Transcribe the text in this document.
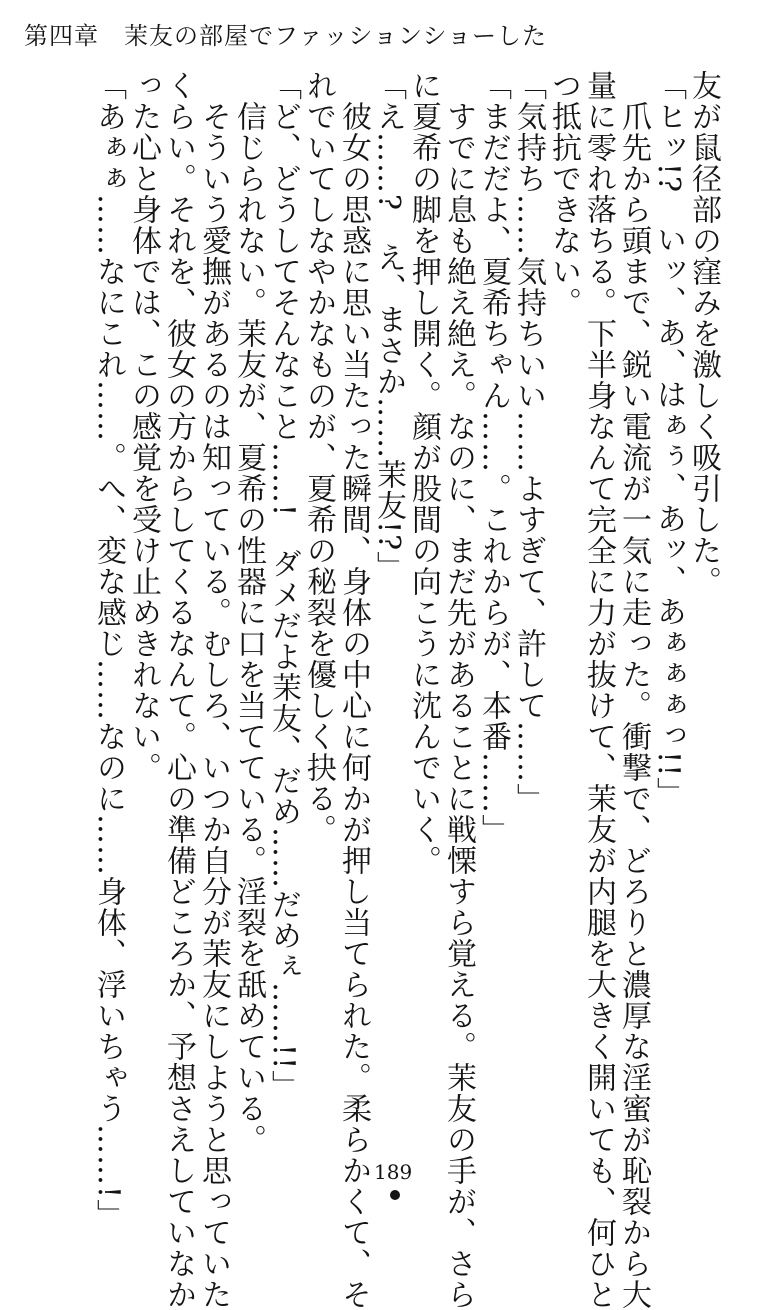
第四章　茉友の部屋でファッションショーした
友が鼠径部の窪みを激しく吸引した。
「ヒッ!?　いッ、あ、はぁぅ、あッ、あぁぁぁっ!!」
　爪先から頭まで、鋭い電流が一気に走った。衝撃で、どろりと濃厚な淫蜜が恥裂から大
量に零れ落ちる。下半身なんて完全に力が抜けて、茉友が内腿を大きく開いても、何ひと
つ抵抗できない。
「気持ち……気持ちいい……よすぎて、許して……」
「まだだよ、夏希ちゃん……。これからが、本番……」
　すでに息も絶え絶え。なのに、まだ先があることに戦慄すら覚える。茉友の手が、さら
に夏希の脚を押し開く。顔が股間の向こうに沈んでいく。
「え……?　え、まさか……茉友!?」
　彼女の思惑に思い当たった瞬間、身体の中心に何かが押し当てられた。柔らかくて、そ
れでいてしなやかなものが、夏希の秘裂を優しく抉る。
「ど、どうしてそんなこと……!　ダメだよ茉友、だめ……だめぇ……!!」
　信じられない。茉友が、夏希の性器に口を当てている。淫裂を舐めている。
　そういう愛撫があるのは知っている。むしろ、いつか自分が茉友にしようと思っていた
くらい。それを、彼女の方からしてくるなんて。心の準備どころか、予想さえしていなか
った心と身体では、この感覚を受け止めきれない。
「あぁぁ……なにこれ……。へ、変な感じ……なのに……身体、浮いちゃう……!」	189
